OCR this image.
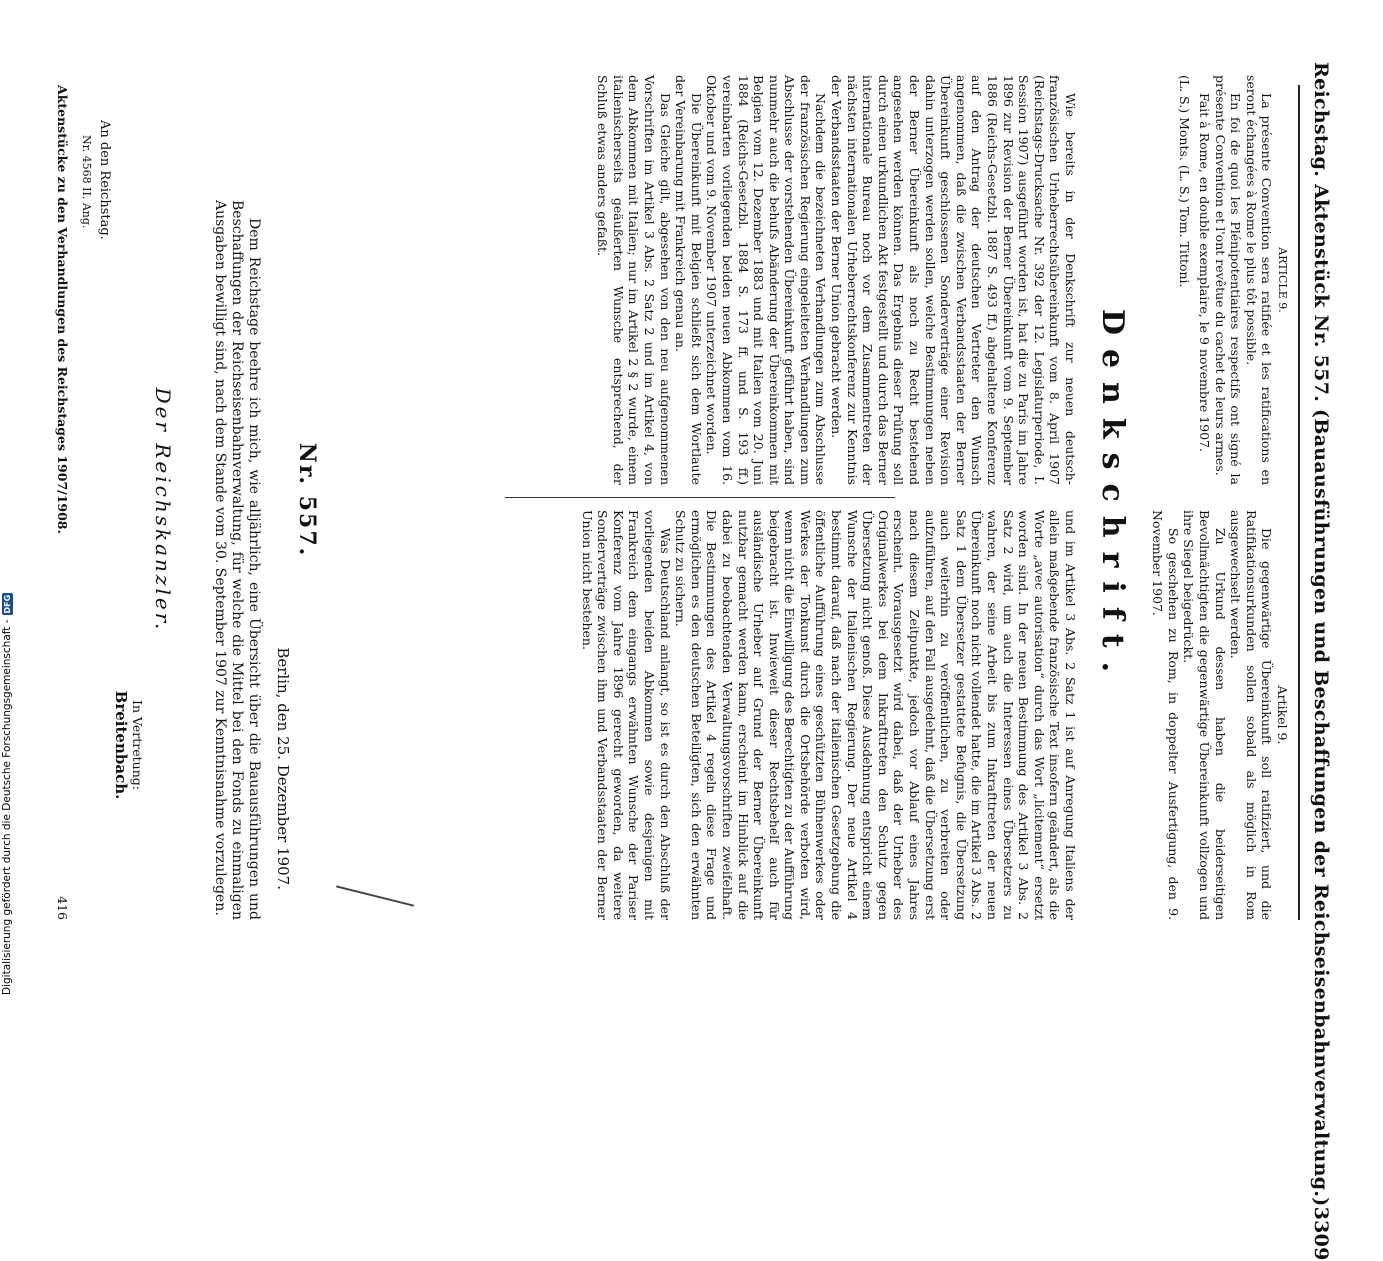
Reichstag. Aktenstück Nr. 557. (Bauausführungen und Beschaffungen der Reichseisenbahnverwaltung.)
3309

ARTICLE 9.

La présente Convention sera ratifiée et les ratifications en seront échangées à Rome le plus tôt possible.

En foi de quoi les Plénipotentiaires respectifs ont signé la présente Convention et l'ont revêtue du cachet de leurs armes.

Fait à Rome, en double exemplaire, le 9 novembre 1907.

(L. S.) Monts. (L. S.) Tom. Tittoni.

Artikel 9.

Die gegenwärtige Übereinkunft soll ratifiziert, und die Ratifikationsurkunden sollen sobald als möglich in Rom ausgewechselt werden.

Zu Urkund dessen haben die beiderseitigen Bevollmächtigten die gegenwärtige Übereinkunft vollzogen und ihre Siegel beigedrückt.

So geschehen zu Rom, in doppelter Ausfertigung, den 9. November 1907.

Denkschrift.

Wie bereits in der Denkschrift zur neuen deutsch-französischen Urheberrechtsübereinkunft vom 8. April 1907 (Reichstags-Drucksache Nr. 392 der 12. Legislaturperiode, I. Session 1907) ausgeführt worden ist, hat die zu Paris im Jahre 1896 zur Revision der Berner Übereinkunft vom 9. September 1886 (Reichs-Gesetzbl. 1887 S. 493 ff.) abgehaltene Konferenz auf den Antrag der deutschen Vertreter den Wunsch angenommen, daß die zwischen Verbandsstaaten der Berner Übereinkunft geschlossenen Sonderverträge einer Revision dahin unterzogen werden sollen, welche Bestimmungen neben der Berner Übereinkunft als noch zu Recht bestehend angesehen werden können. Das Ergebnis dieser Prüfung soll durch einen urkundlichen Akt festgestellt und durch das Berner internationale Bureau noch vor dem Zusammentreten der nächsten internationalen Urheberrechtskonferenz zur Kenntnis der Verbandsstaaten der Berner Union gebracht werden.

Nachdem die bezeichneten Verhandlungen zum Abschlusse der französischen Regierung eingeleiteten Verhandlungen zum Abschlusse der vorstehenden Übereinkunft geführt haben, sind nunmehr auch die behufs Abänderung der Übereinkommen mit Belgien vom 12. Dezember 1883 und mit Italien vom 20. Juni 1884 (Reichs-Gesetzbl. 1884 S. 173 ff. und S. 193 ff.) vereinbarten vorliegenden beiden neuen Abkommen vom 16. Oktober und vom 9. November 1907 unterzeichnet worden.

Die Übereinkunft mit Belgien schließt sich dem Wortlaute der Vereinbarung mit Frankreich genau an.

Das Gleiche gilt, abgesehen von den neu aufgenommenen Vorschriften im Artikel 3 Abs. 2 Satz 2 und im Artikel 4, von dem Abkommen mit Italien; nur im Artikel 2 § 2 wurde, einem italienischerseits geäußerten Wunsche entsprechend, der Schluß etwas anders gefaßt.

und im Artikel 3 Abs. 2 Satz 1 ist auf Anregung Italiens der allein maßgebende französische Text insofern geändert, als die Worte „avec autorisation“ durch das Wort „licitement“ ersetzt worden sind. In der neuen Bestimmung des Artikel 3 Abs. 2 Satz 2 wird, um auch die Interessen eines Übersetzers zu wahren, der seine Arbeit bis zum Inkrafttreten der neuen Übereinkunft noch nicht vollendet hatte, die im Artikel 3 Abs. 2 Satz 1 dem Übersetzer gestattete Befugnis, die Übersetzung auch weiterhin zu veröffentlichen, zu verbreiten oder aufzuführen, auf den Fall ausgedehnt, daß die Übersetzung erst nach diesem Zeitpunkte, jedoch vor Ablauf eines Jahres erscheint. Vorausgesetzt wird dabei, daß der Urheber des Originalwerkes bei dem Inkrafttreten den Schutz gegen Übersetzung nicht genoß. Diese Ausdehnung entspricht einem Wunsche der Italienischen Regierung. Der neue Artikel 4 bestimmt darauf, daß nach der italienischen Gesetzgebung die öffentliche Aufführung eines geschützten Bühnenwerkes oder Werkes der Tonkunst durch die Ortsbehörde verboten wird, wenn nicht die Einwilligung des Berechtigten zu der Aufführung beigebracht ist. Inwieweit dieser Rechtsbehelf auch für ausländische Urheber auf Grund der Berner Übereinkunft nutzbar gemacht werden kann, erscheint im Hinblick auf die dabei zu beobachtenden Verwaltungsvorschriften zweifelhaft. Die Bestimmungen des Artikel 4 regeln diese Frage und ermöglichen es den deutschen Beteiligten, sich den erwähnten Schutz zu sichern.

Was Deutschland anlangt, so ist es durch den Abschluß der vorliegenden beiden Abkommen sowie desjenigen mit Frankreich dem eingangs erwähnten Wunsche der Pariser Konferenz vom Jahre 1896 gerecht geworden, da weitere Sonderverträge zwischen ihm und Verbandsstaaten der Berner Union nicht bestehen.

Nr. 557.
Berlin, den 25. Dezember 1907.

Dem Reichstage beehre ich mich, wie alljährlich, eine Übersicht über die Bauausführungen und Beschaffungen der Reichseisenbahnverwaltung, für welche die Mittel bei den Fonds zu einmaligen Ausgaben bewilligt sind, nach dem Stande vom 30. September 1907 zur Kenntnisnahme vorzulegen.

Der Reichskanzler.
In Vertretung:
Breitenbach.
An den Reichstag.
Nr. 4568 II. Ang.
Aktenstücke zu den Verhandlungen des Reichstages 1907/1908.
416
Digitalisierung gefördert durch die Deutsche Forschungsgemeinschaft -
DFG
